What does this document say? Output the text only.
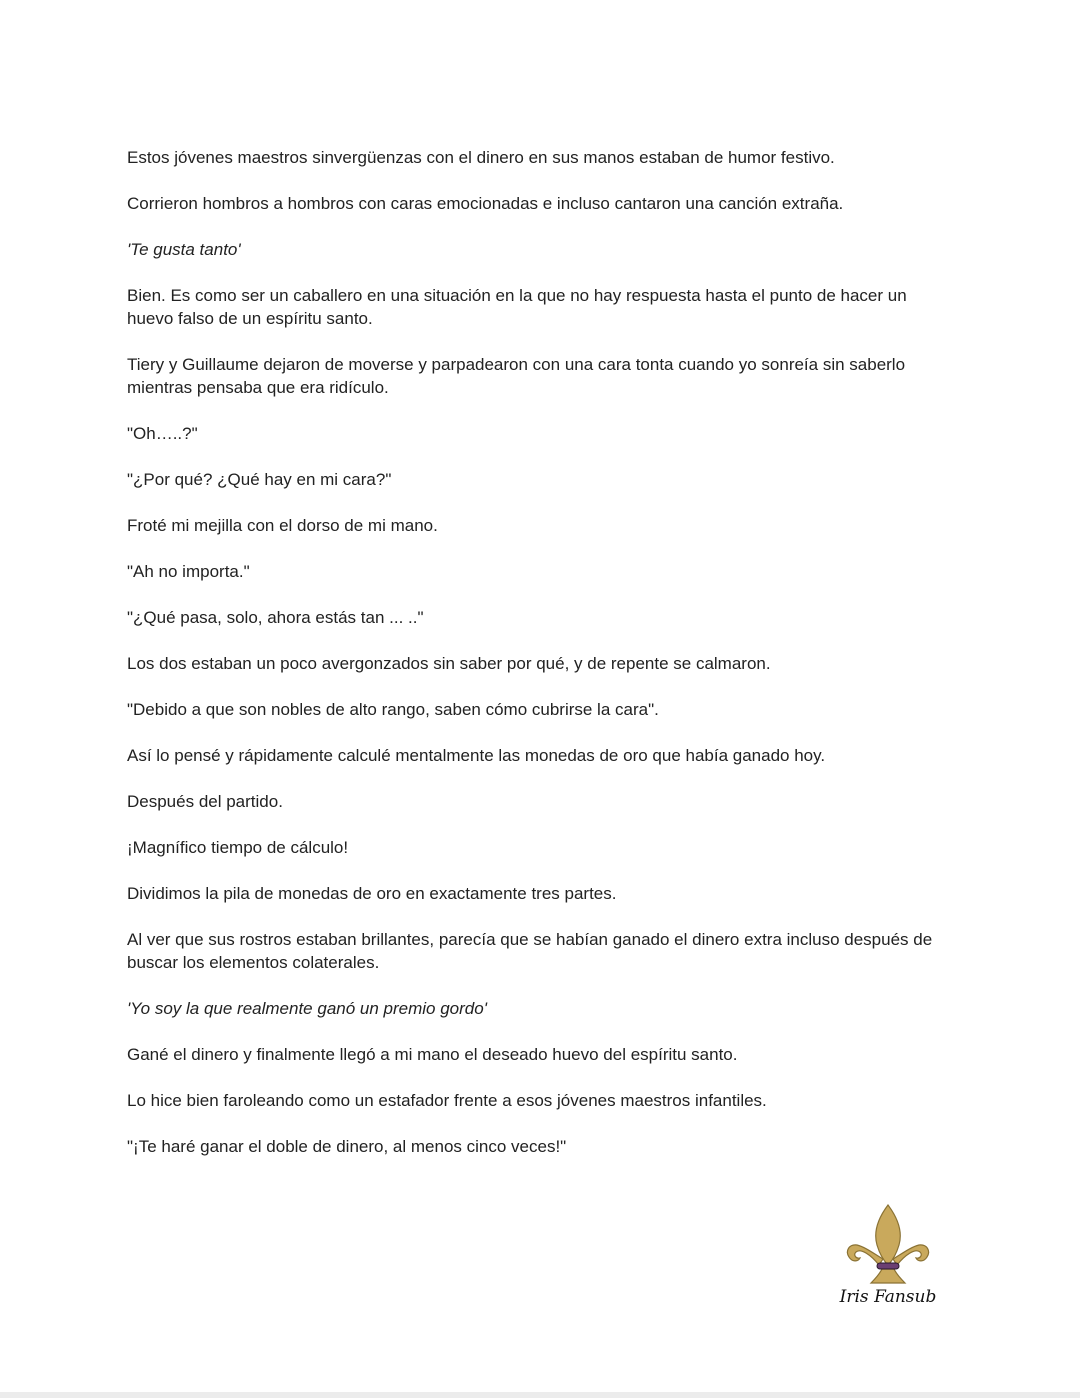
Estos jóvenes maestros sinvergüenzas con el dinero en sus manos estaban de humor festivo.

Corrieron hombros a hombros con caras emocionadas e incluso cantaron una canción extraña.

'Te gusta tanto'

Bien. Es como ser un caballero en una situación en la que no hay respuesta hasta el punto de hacer un huevo falso de un espíritu santo.

Tiery y Guillaume dejaron de moverse y parpadearon con una cara tonta cuando yo sonreía sin saberlo mientras pensaba que era ridículo.

"Oh…..?"

"¿Por qué? ¿Qué hay en mi cara?"

Froté mi mejilla con el dorso de mi mano.

"Ah no importa."

"¿Qué pasa, solo, ahora estás tan ... .."

Los dos estaban un poco avergonzados sin saber por qué, y de repente se calmaron.

"Debido a que son nobles de alto rango, saben cómo cubrirse la cara".

Así lo pensé y rápidamente calculé mentalmente las monedas de oro que había ganado hoy.

Después del partido.

¡Magnífico tiempo de cálculo!

Dividimos la pila de monedas de oro en exactamente tres partes.

Al ver que sus rostros estaban brillantes, parecía que se habían ganado el dinero extra incluso después de buscar los elementos colaterales.

'Yo soy la que realmente ganó un premio gordo'

Gané el dinero y finalmente llegó a mi mano el deseado huevo del espíritu santo.

Lo hice bien faroleando como un estafador frente a esos jóvenes maestros infantiles.

"¡Te haré ganar el doble de dinero, al menos cinco veces!"

Iris Fansub
